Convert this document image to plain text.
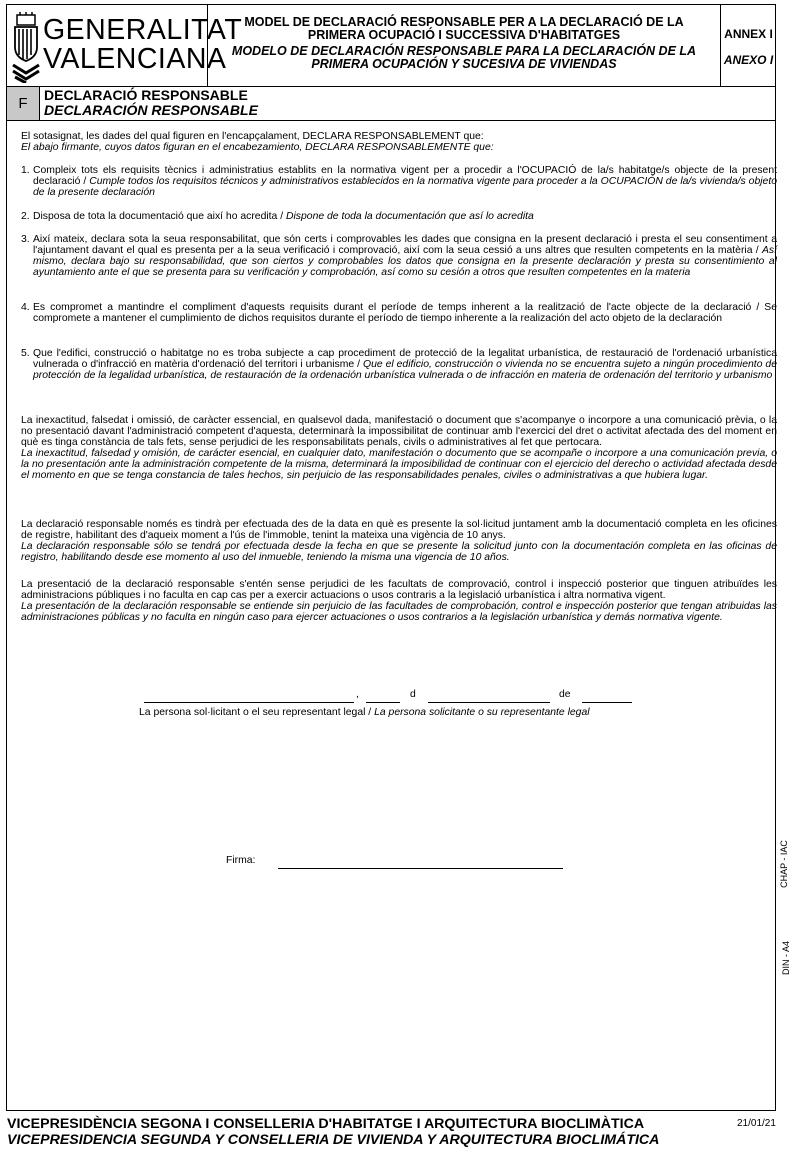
GENERALITAT
VALENCIANA
MODEL DE DECLARACIÓ RESPONSABLE PER A LA DECLARACIÓ DE LA PRIMERA OCUPACIÓ I SUCCESSIVA D'HABITATGES
MODELO DE DECLARACIÓN RESPONSABLE PARA LA DECLARACIÓN DE LA PRIMERA OCUPACIÓN Y SUCESIVA DE VIVIENDAS
ANNEX I
ANEXO I
F	DECLARACIÓ RESPONSABLE
DECLARACIÓN RESPONSABLE
El sotasignat, les dades del qual figuren en l'encapçalament, DECLARA RESPONSABLEMENT que:
El abajo firmante, cuyos datos figuran en el encabezamiento, DECLARA RESPONSABLEMENTE que:
1. Compleix tots els requisits tècnics i administratius establits en la normativa vigent per a procedir a l'OCUPACIÓ de la/s habitatge/s objecte de la present declaració / Cumple todos los requisitos técnicos y administrativos establecidos en la normativa vigente para proceder a la OCUPACIÓN de la/s vivienda/s objeto de la presente declaración
2. Disposa de tota la documentació que així ho acredita / Dispone de toda la documentación que así lo acredita
3. Així mateix, declara sota la seua responsabilitat, que són certs i comprovables les dades que consigna en la present declaració i presta el seu consentiment a l'ajuntament davant el qual es presenta per a la seua verificació i comprovació, així com la seua cessió a uns altres que resulten competents en la matèria / Así mismo, declara bajo su responsabilidad, que son ciertos y comprobables los datos que consigna en la presente declaración y presta su consentimiento al ayuntamiento ante el que se presenta para su verificación y comprobación, así como su cesión a otros que resulten competentes en la materia
4. Es compromet a mantindre el compliment d'aquests requisits durant el període de temps inherent a la realització de l'acte objecte de la declaració / Se compromete a mantener el cumplimiento de dichos requisitos durante el período de tiempo inherente a la realización del acto objeto de la declaración
5. Que l'edifici, construcció o habitatge no es troba subjecte a cap procediment de protecció de la legalitat urbanística, de restauració de l'ordenació urbanística vulnerada o d'infracció en matèria d'ordenació del territori i urbanisme / Que el edificio, construcción o vivienda no se encuentra sujeto a ningún procedimiento de protección de la legalidad urbanística, de restauración de la ordenación urbanística vulnerada o de infracción en materia de ordenación del territorio y urbanismo
La inexactitud, falsedat i omissió, de caràcter essencial, en qualsevol dada, manifestació o document que s'acompanye o incorpore a una comunicació prèvia, o la no presentació davant l'administració competent d'aquesta, determinarà la impossibilitat de continuar amb l'exercici del dret o activitat afectada des del moment en què es tinga constància de tals fets, sense perjudici de les responsabilitats penals, civils o administratives al fet que pertocara.
La inexactitud, falsedad y omisión, de carácter esencial, en cualquier dato, manifestación o documento que se acompañe o incorpore a una comunicación previa, o la no presentación ante la administración competente de la misma, determinará la imposibilidad de continuar con el ejercicio del derecho o actividad afectada desde el momento en que se tenga constancia de tales hechos, sin perjuicio de las responsabilidades penales, civiles o administrativas a que hubiera lugar.
La declaració responsable només es tindrà per efectuada des de la data en què es presente la sol·licitud juntament amb la documentació completa en les oficines de registre, habilitant des d'aqueix moment a l'ús de l'immoble, tenint la mateixa una vigència de 10 anys.
La declaración responsable sólo se tendrá por efectuada desde la fecha en que se presente la solicitud junto con la documentación completa en las oficinas de registro, habilitando desde ese momento al uso del inmueble, teniendo la misma una vigencia de 10 años.
La presentació de la declaració responsable s'entén sense perjudici de les facultats de comprovació, control i inspecció posterior que tinguen atribuïdes les administracions públiques i no faculta en cap cas per a exercir actuacions o usos contraris a la legislació urbanística i altra normativa vigent.
La presentación de la declaración responsable se entiende sin perjuicio de las facultades de comprobación, control e inspección posterior que tengan atribuidas las administraciones públicas y no faculta en ningún caso para ejercer actuaciones o usos contrarios a la legislación urbanística y demás normativa vigente.
,	d	de
La persona sol·licitant o el seu representant legal / La persona solicitante o su representante legal
Firma:	CHAP - IAC
DIN - A4
VICEPRESIDÈNCIA SEGONA I CONSELLERIA D'HABITATGE I ARQUITECTURA BIOCLIMÀTICA
VICEPRESIDENCIA SEGUNDA Y CONSELLERIA DE VIVIENDA Y ARQUITECTURA BIOCLIMÁTICA
21/01/21
